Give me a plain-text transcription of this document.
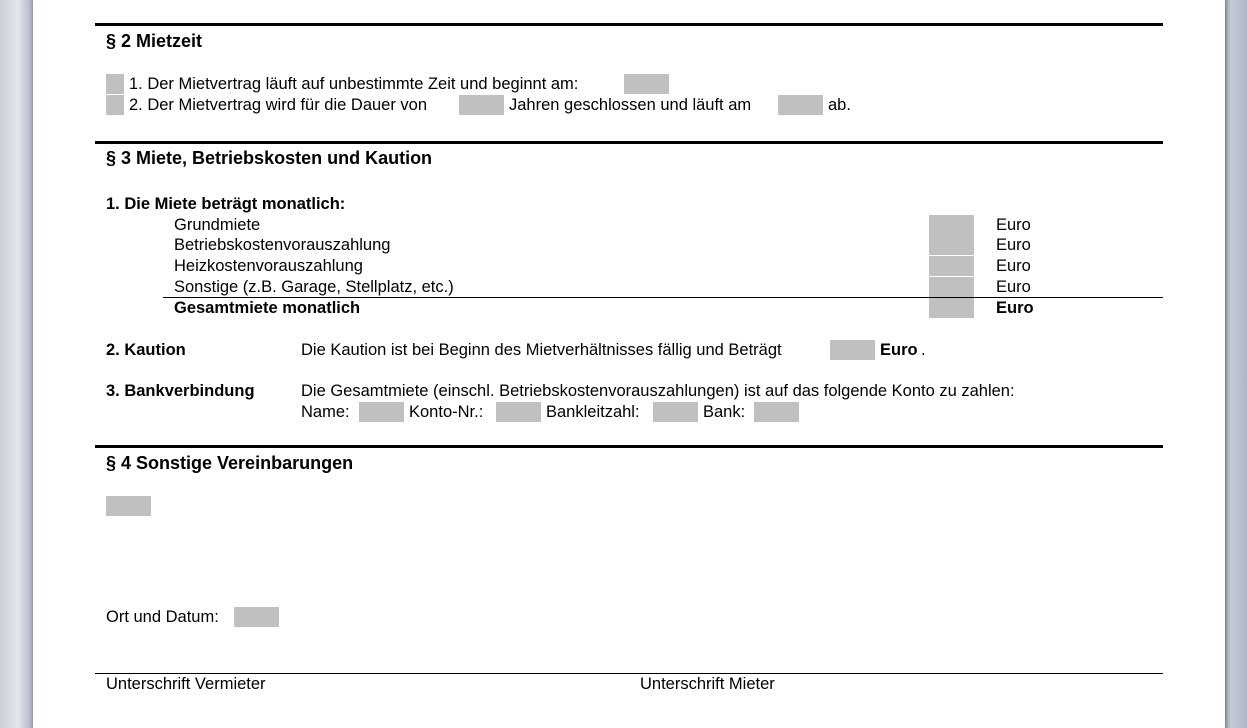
§ 2 Mietzeit
1. Der Mietvertrag läuft auf unbestimmte Zeit und beginnt am:
2. Der Mietvertrag wird für die Dauer von	Jahren geschlossen und läuft am	ab.
§ 3 Miete, Betriebskosten und Kaution
1. Die Miete beträgt monatlich:
Grundmiete	Euro
Betriebskostenvorauszahlung	Euro
Heizkostenvorauszahlung	Euro
Sonstige (z.B. Garage, Stellplatz, etc.)	Euro
Gesamtmiete monatlich	Euro
2. Kaution	Die Kaution ist bei Beginn des Mietverhältnisses fällig und Beträgt	Euro .
3. Bankverbindung	Die Gesamtmiete (einschl. Betriebskostenvorauszahlungen) ist auf das folgende Konto zu zahlen:
Name:	Konto-Nr.:	Bankleitzahl:	Bank:
§ 4 Sonstige Vereinbarungen
Ort und Datum:
Unterschrift Vermieter	Unterschrift Mieter
